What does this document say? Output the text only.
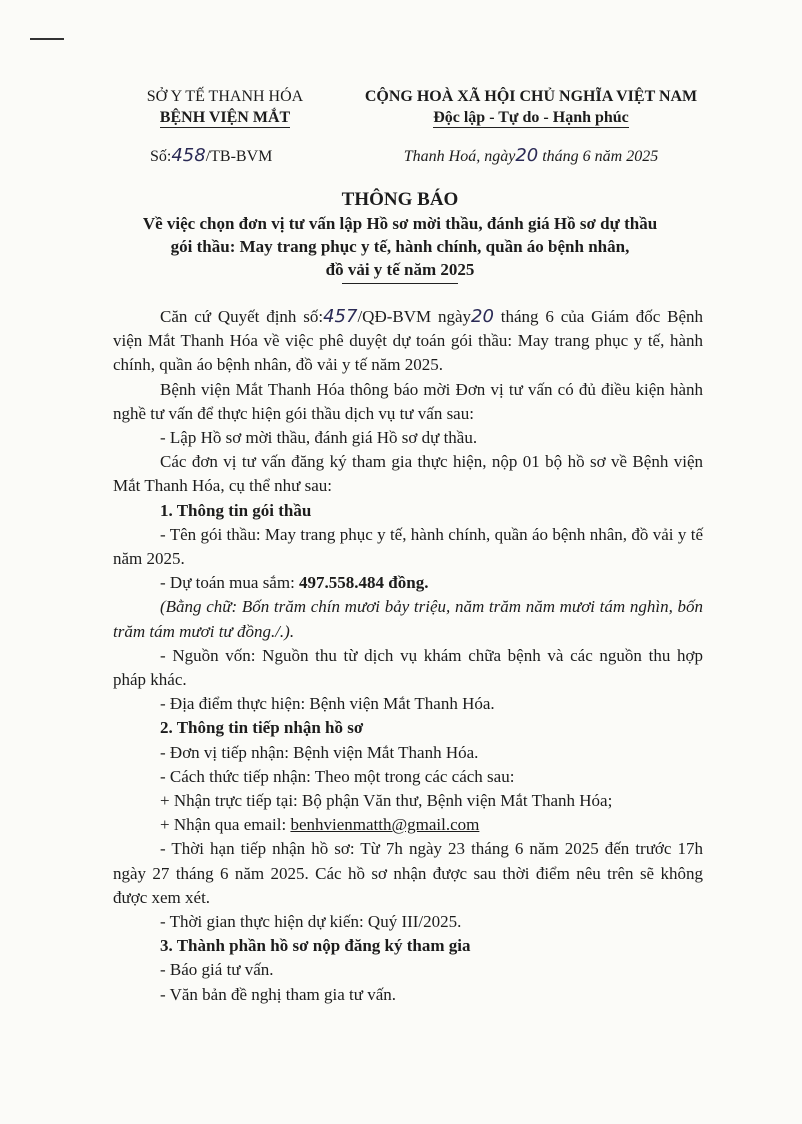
SỞ Y TẾ THANH HÓA
BỆNH VIỆN MẮT
CỘNG HOÀ XÃ HỘI CHỦ NGHĨA VIỆT NAM
Độc lập - Tự do - Hạnh phúc
Số:458/TB-BVM	Thanh Hoá, ngày20 tháng 6 năm 2025
THÔNG BÁO
Về việc chọn đơn vị tư vấn lập Hồ sơ mời thầu, đánh giá Hồ sơ dự thầu
gói thầu: May trang phục y tế, hành chính, quần áo bệnh nhân,
đồ vải y tế năm 2025

Căn cứ Quyết định số:457/QĐ-BVM ngày20 tháng 6 của Giám đốc Bệnh viện Mắt Thanh Hóa về việc phê duyệt dự toán gói thầu: May trang phục y tế, hành chính, quần áo bệnh nhân, đồ vải y tế năm 2025.

Bệnh viện Mắt Thanh Hóa thông báo mời Đơn vị tư vấn có đủ điều kiện hành nghề tư vấn để thực hiện gói thầu dịch vụ tư vấn sau:

- Lập Hồ sơ mời thầu, đánh giá Hồ sơ dự thầu.

Các đơn vị tư vấn đăng ký tham gia thực hiện, nộp 01 bộ hồ sơ về Bệnh viện Mắt Thanh Hóa, cụ thể như sau:

1. Thông tin gói thầu

- Tên gói thầu: May trang phục y tế, hành chính, quần áo bệnh nhân, đồ vải y tế năm 2025.

- Dự toán mua sắm: 497.558.484 đồng.

(Bằng chữ: Bốn trăm chín mươi bảy triệu, năm trăm năm mươi tám nghìn, bốn trăm tám mươi tư đồng./.).

- Nguồn vốn: Nguồn thu từ dịch vụ khám chữa bệnh và các nguồn thu hợp pháp khác.

- Địa điểm thực hiện: Bệnh viện Mắt Thanh Hóa.

2. Thông tin tiếp nhận hồ sơ

- Đơn vị tiếp nhận: Bệnh viện Mắt Thanh Hóa.

- Cách thức tiếp nhận: Theo một trong các cách sau:

+ Nhận trực tiếp tại: Bộ phận Văn thư, Bệnh viện Mắt Thanh Hóa;

+ Nhận qua email: benhvienmatth@gmail.com

- Thời hạn tiếp nhận hồ sơ: Từ 7h ngày 23 tháng 6 năm 2025 đến trước 17h ngày 27 tháng 6 năm 2025. Các hồ sơ nhận được sau thời điểm nêu trên sẽ không được xem xét.

- Thời gian thực hiện dự kiến: Quý III/2025.

3. Thành phần hồ sơ nộp đăng ký tham gia

- Báo giá tư vấn.

- Văn bản đề nghị tham gia tư vấn.
